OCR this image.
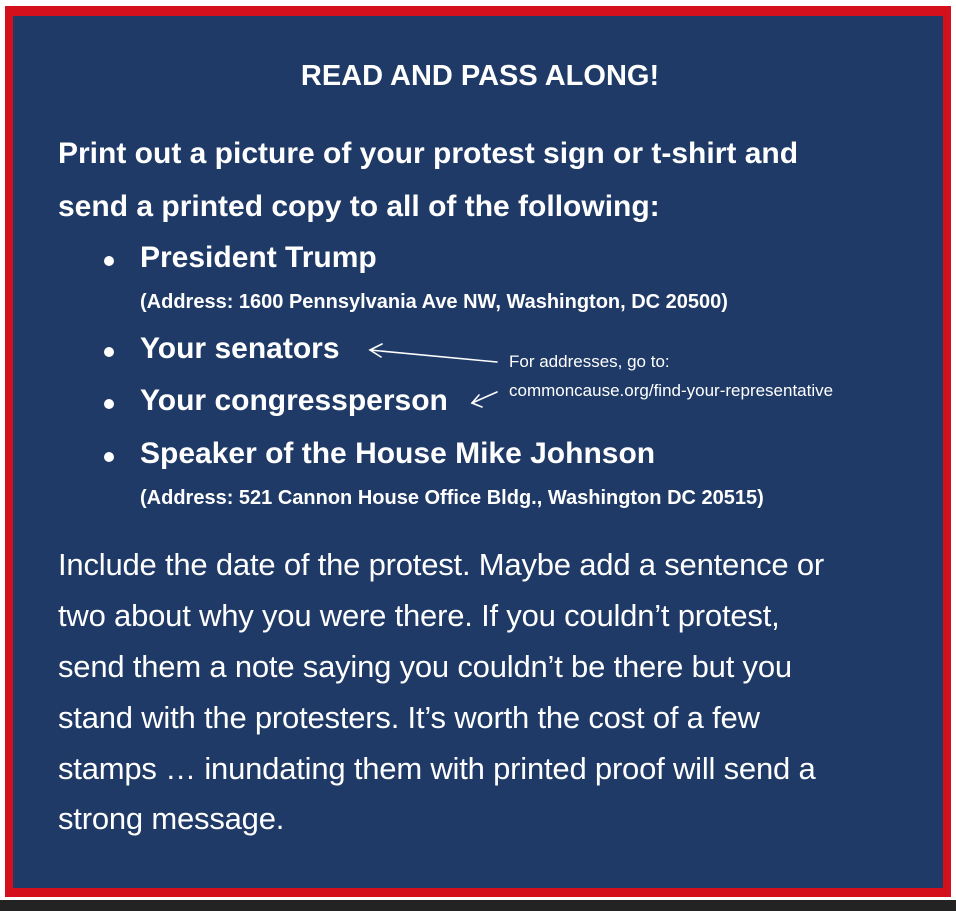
READ AND PASS ALONG!
Print out a picture of your protest sign or t-shirt and
send a printed copy to all of the following:
President Trump
(Address: 1600 Pennsylvania Ave NW, Washington, DC 20500)
Your senators
Your congressperson
Speaker of the House Mike Johnson
(Address: 521 Cannon House Office Bldg., Washington DC 20515)
For addresses, go to:
commoncause.org/find-your-representative
Include the date of the protest. Maybe add a sentence or
two about why you were there. If you couldn’t protest,
send them a note saying you couldn’t be there but you
stand with the protesters. It’s worth the cost of a few
stamps … inundating them with printed proof will send a
strong message.
